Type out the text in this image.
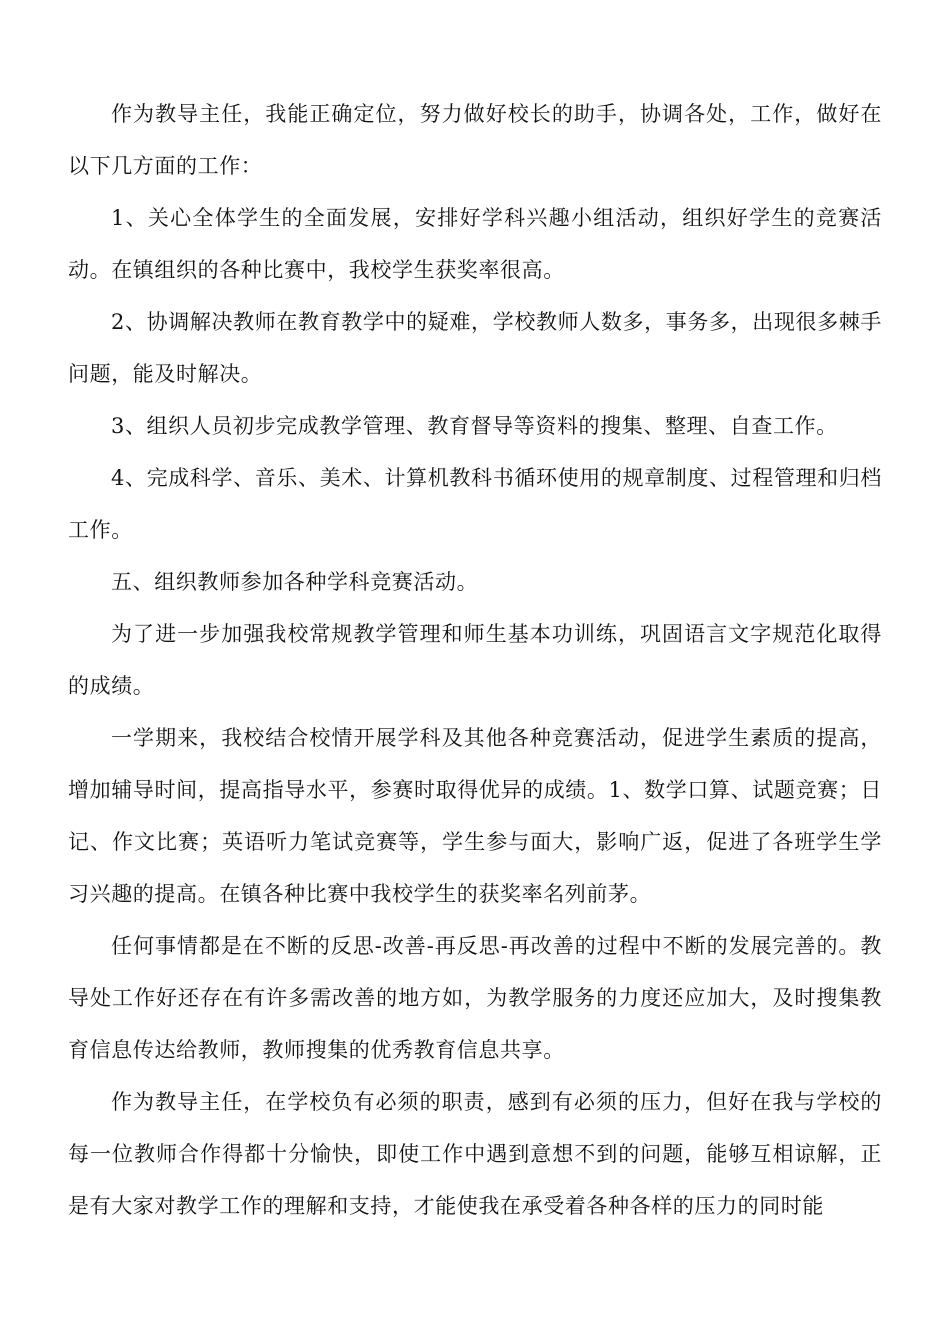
作为教导主任，我能正确定位，努力做好校长的助手，协调各处，工作，做好在以下几方面的工作：

1、关心全体学生的全面发展，安排好学科兴趣小组活动，组织好学生的竞赛活动。在镇组织的各种比赛中，我校学生获奖率很高。

2、协调解决教师在教育教学中的疑难，学校教师人数多，事务多，出现很多棘手问题，能及时解决。

3、组织人员初步完成教学管理、教育督导等资料的搜集、整理、自查工作。

4、完成科学、音乐、美术、计算机教科书循环使用的规章制度、过程管理和归档工作。

五、组织教师参加各种学科竞赛活动。

为了进一步加强我校常规教学管理和师生基本功训练，巩固语言文字规范化取得的成绩。

一学期来，我校结合校情开展学科及其他各种竞赛活动，促进学生素质的提高，增加辅导时间，提高指导水平，参赛时取得优异的成绩。1、数学口算、试题竞赛；日记、作文比赛；英语听力笔试竞赛等，学生参与面大，影响广返，促进了各班学生学习兴趣的提高。在镇各种比赛中我校学生的获奖率名列前茅。

任何事情都是在不断的反思-改善-再反思-再改善的过程中不断的发展完善的。教导处工作好还存在有许多需改善的地方如，为教学服务的力度还应加大，及时搜集教育信息传达给教师，教师搜集的优秀教育信息共享。

作为教导主任，在学校负有必须的职责，感到有必须的压力，但好在我与学校的每一位教师合作得都十分愉快，即使工作中遇到意想不到的问题，能够互相谅解，正是有大家对教学工作的理解和支持，才能使我在承受着各种各样的压力的同时能
